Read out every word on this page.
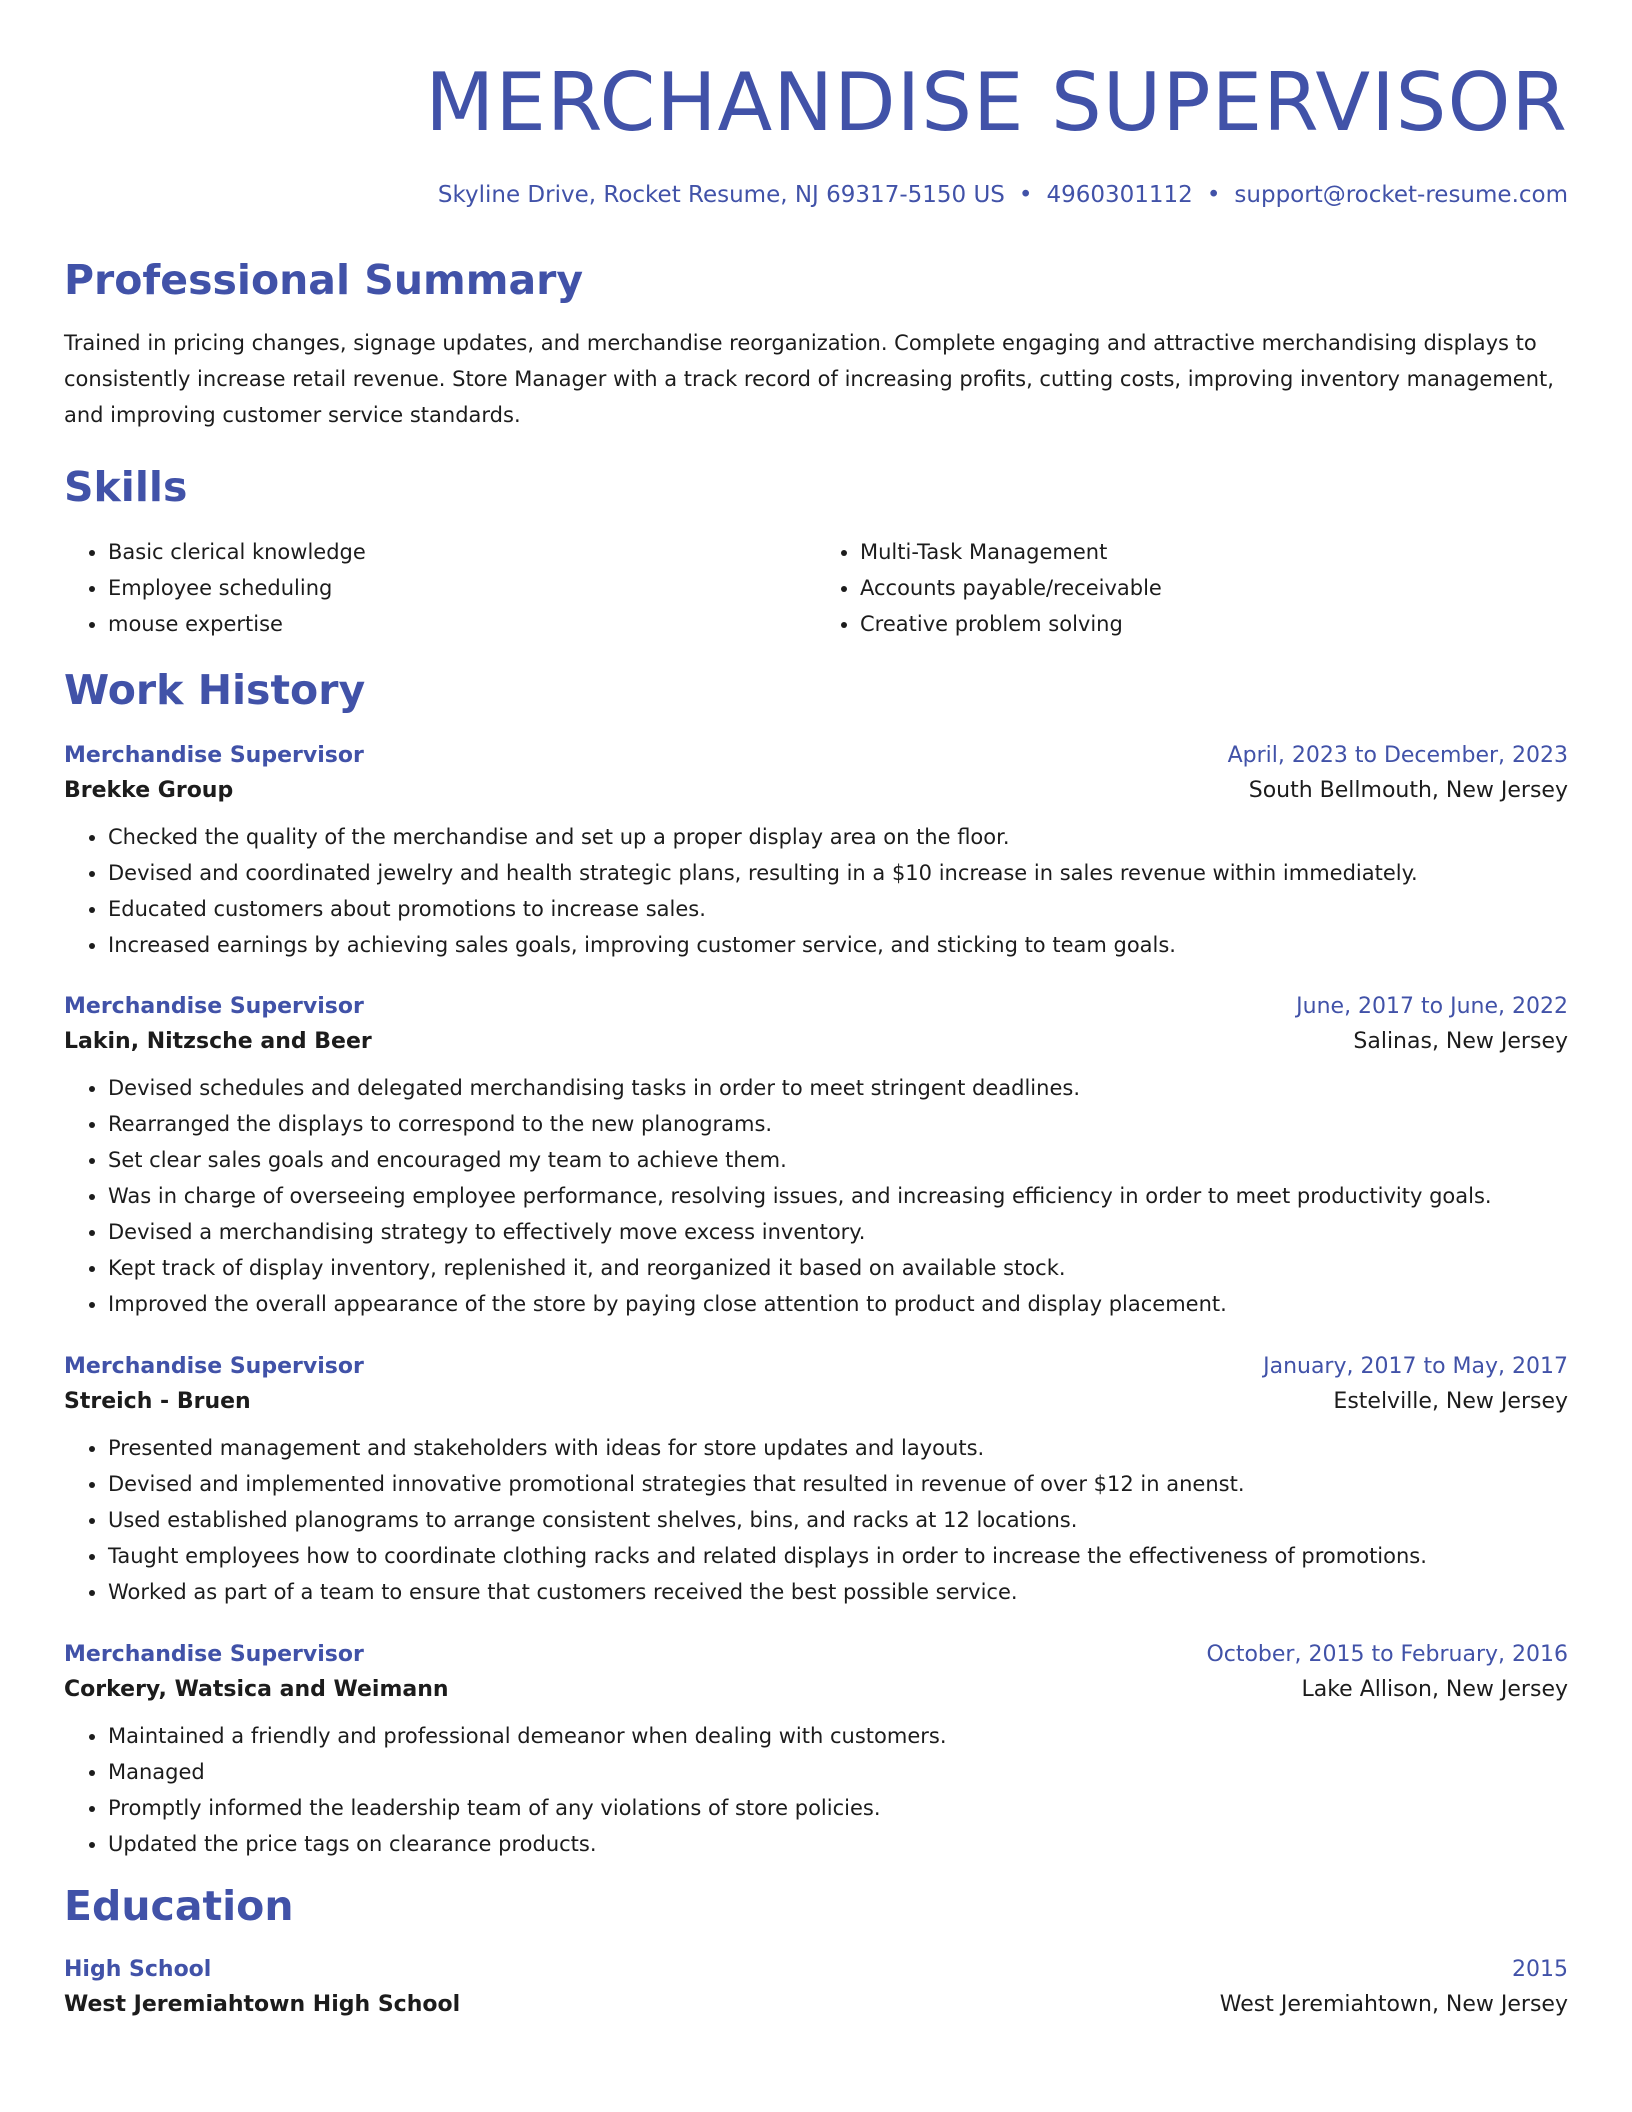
MERCHANDISE SUPERVISOR
Skyline Drive, Rocket Resume, NJ 69317-5150 US • 4960301112 • support@rocket-resume.com
Professional Summary
Trained in pricing changes, signage updates, and merchandise reorganization. Complete engaging and attractive merchandising displays to consistently increase retail revenue. Store Manager with a track record of increasing profits, cutting costs, improving inventory management, and improving customer service standards.
Skills
• Basic clerical knowledge
• Employee scheduling
• mouse expertise
• Multi-Task Management
• Accounts payable/receivable
• Creative problem solving
Work History
Merchandise Supervisor	April, 2023 to December, 2023
Brekke Group	South Bellmouth, New Jersey
• Checked the quality of the merchandise and set up a proper display area on the floor.
• Devised and coordinated jewelry and health strategic plans, resulting in a $10 increase in sales revenue within immediately.
• Educated customers about promotions to increase sales.
• Increased earnings by achieving sales goals, improving customer service, and sticking to team goals.
Merchandise Supervisor	June, 2017 to June, 2022
Lakin, Nitzsche and Beer	Salinas, New Jersey
• Devised schedules and delegated merchandising tasks in order to meet stringent deadlines.
• Rearranged the displays to correspond to the new planograms.
• Set clear sales goals and encouraged my team to achieve them.
• Was in charge of overseeing employee performance, resolving issues, and increasing efficiency in order to meet productivity goals.
• Devised a merchandising strategy to effectively move excess inventory.
• Kept track of display inventory, replenished it, and reorganized it based on available stock.
• Improved the overall appearance of the store by paying close attention to product and display placement.
Merchandise Supervisor	January, 2017 to May, 2017
Streich - Bruen	Estelville, New Jersey
• Presented management and stakeholders with ideas for store updates and layouts.
• Devised and implemented innovative promotional strategies that resulted in revenue of over $12 in anenst.
• Used established planograms to arrange consistent shelves, bins, and racks at 12 locations.
• Taught employees how to coordinate clothing racks and related displays in order to increase the effectiveness of promotions.
• Worked as part of a team to ensure that customers received the best possible service.
Merchandise Supervisor	October, 2015 to February, 2016
Corkery, Watsica and Weimann	Lake Allison, New Jersey
• Maintained a friendly and professional demeanor when dealing with customers.
• Managed
• Promptly informed the leadership team of any violations of store policies.
• Updated the price tags on clearance products.
Education
High School	2015
West Jeremiahtown High School	West Jeremiahtown, New Jersey
